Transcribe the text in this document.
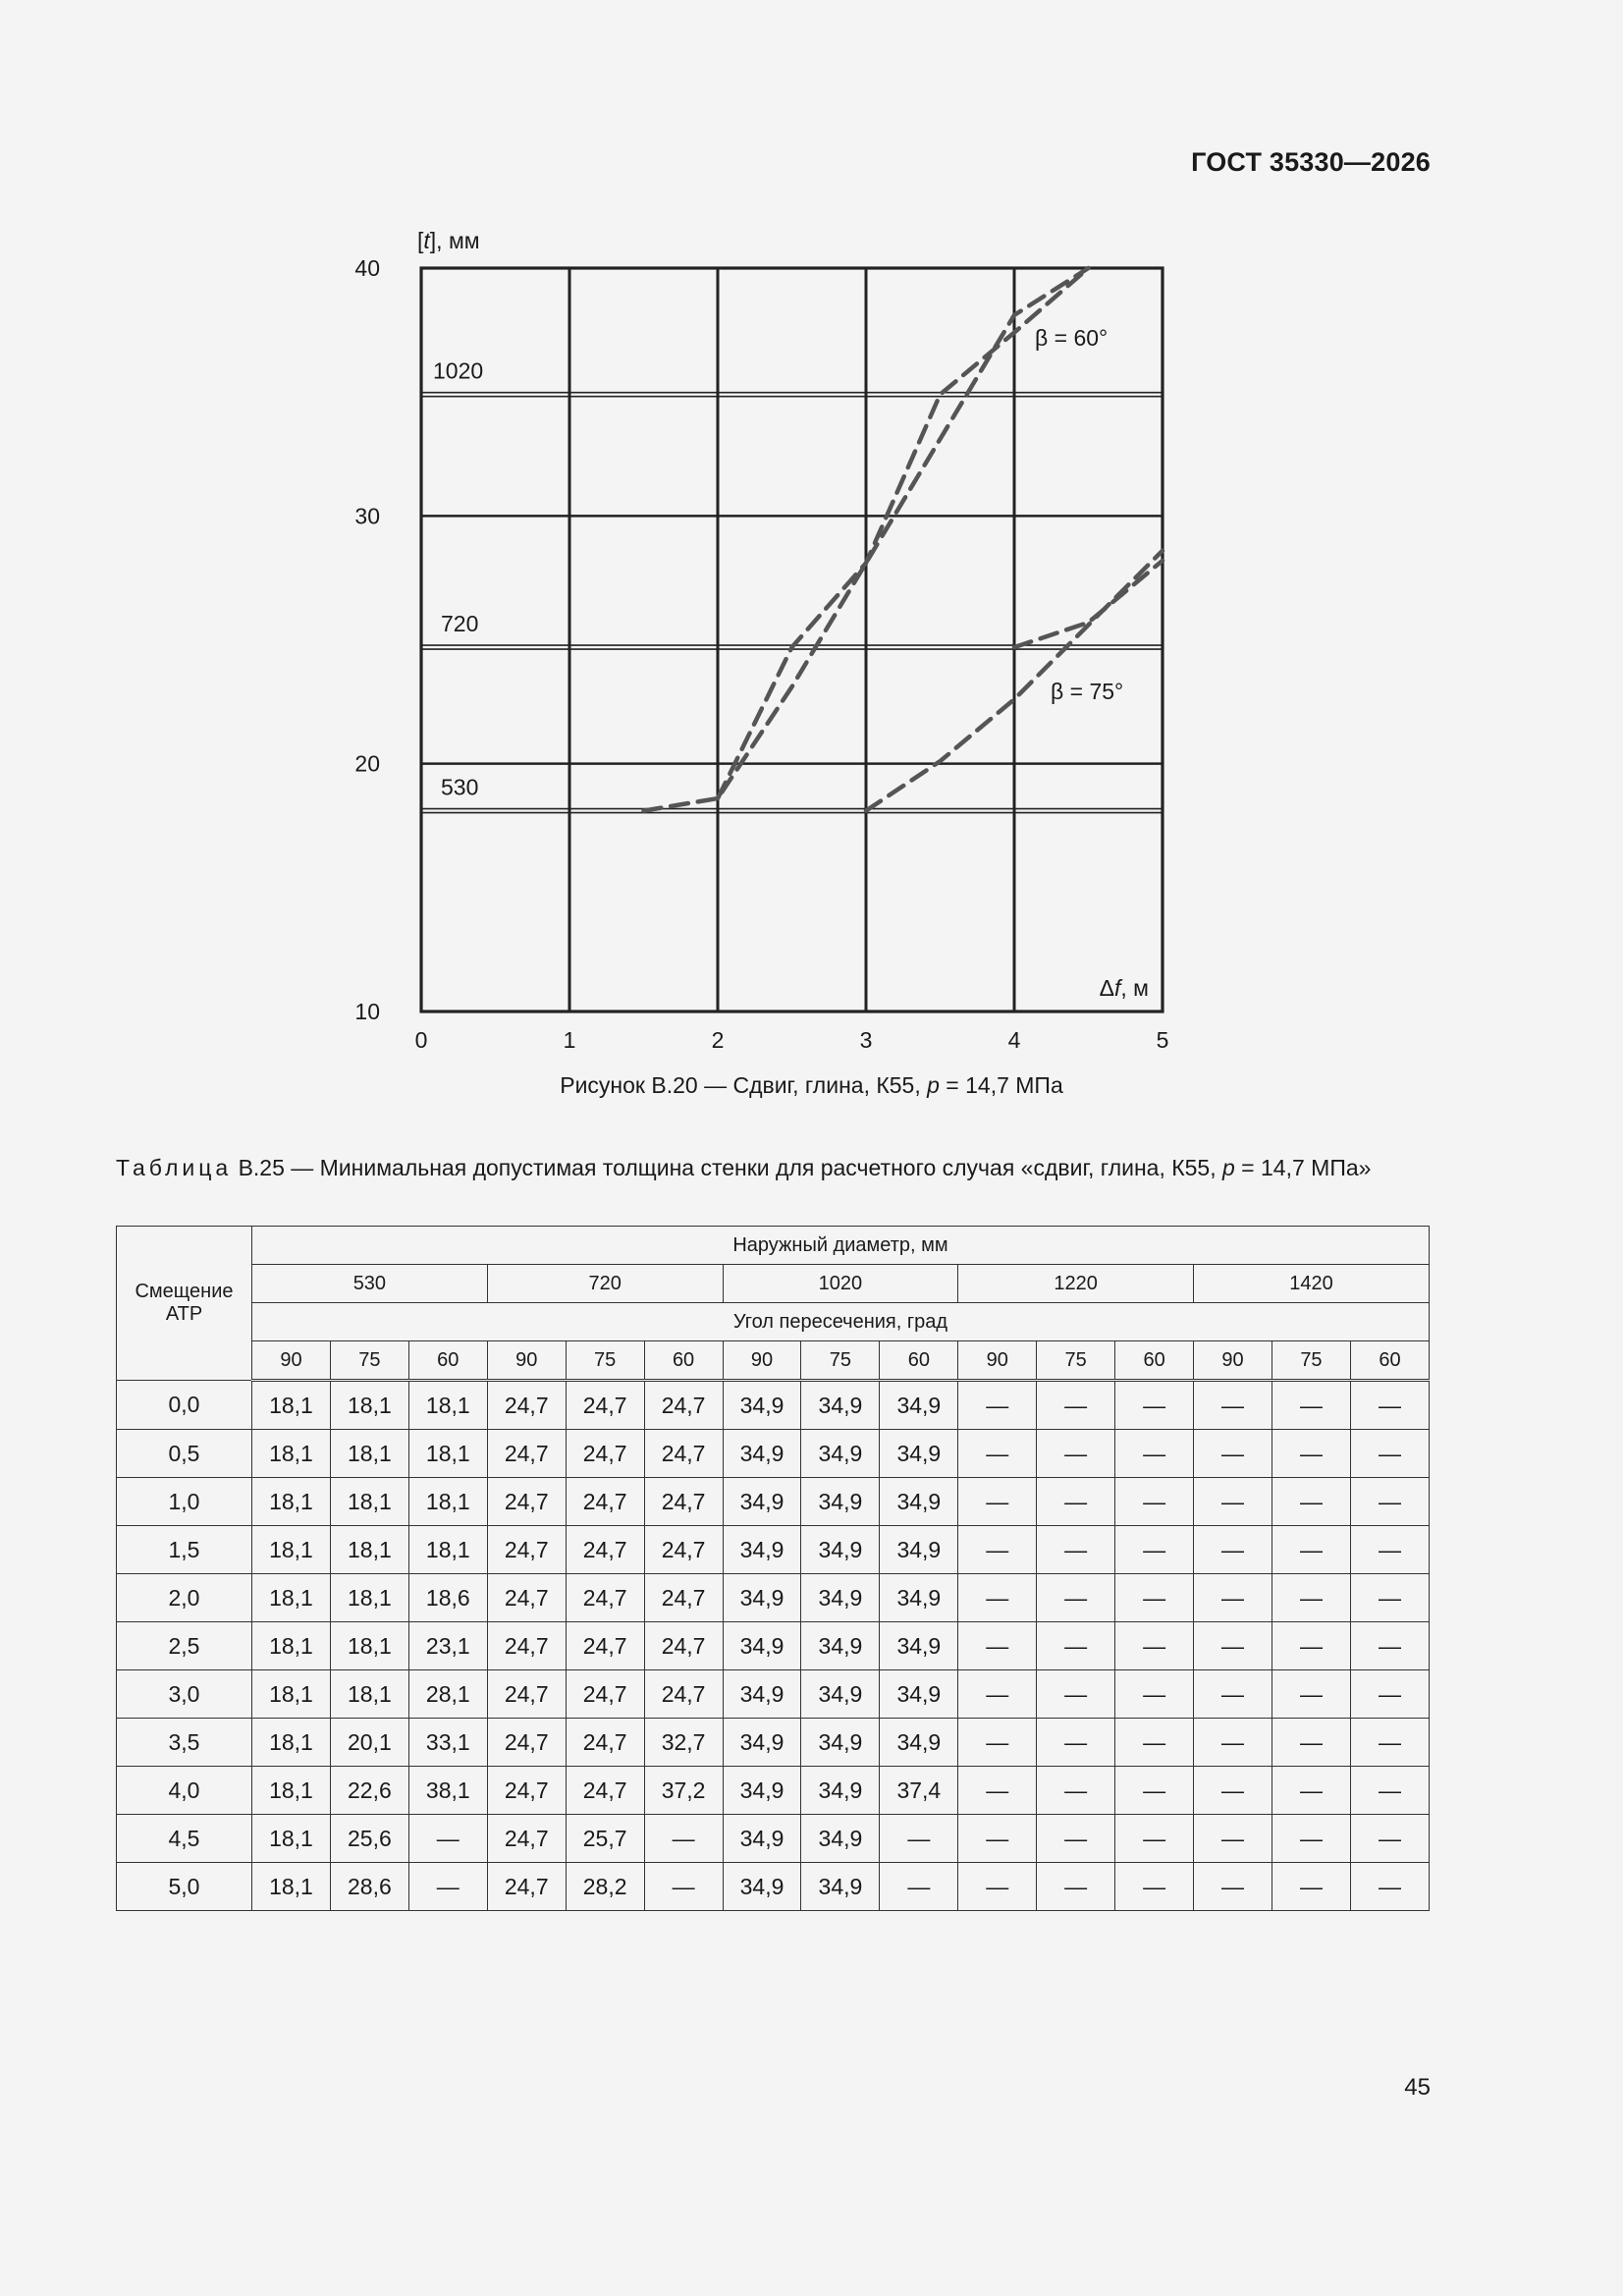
ГОСТ 35330—2026
530
720
1020
0	1	2	3	4	5
10
20
30
40
[t], мм
Δf, м
β = 60°
β = 75°
Рисунок В.20 — Сдвиг, глина, К55, p = 14,7 МПа
Таблица В.25 — Минимальная допустимая толщина стенки для расчетного случая «сдвиг, глина, К55, p = 14,7 МПа»
Смещение АТР	Наружный диаметр, мм														
	530			720			1020			1220			1420		
	Угол пересечения, град														
	90	75	60	90	75	60	90	75	60	90	75	60	90	75	60
0,0	18,1	18,1	18,1	24,7	24,7	24,7	34,9	34,9	34,9	—	—	—	—	—	—
0,5	18,1	18,1	18,1	24,7	24,7	24,7	34,9	34,9	34,9	—	—	—	—	—	—
1,0	18,1	18,1	18,1	24,7	24,7	24,7	34,9	34,9	34,9	—	—	—	—	—	—
1,5	18,1	18,1	18,1	24,7	24,7	24,7	34,9	34,9	34,9	—	—	—	—	—	—
2,0	18,1	18,1	18,6	24,7	24,7	24,7	34,9	34,9	34,9	—	—	—	—	—	—
2,5	18,1	18,1	23,1	24,7	24,7	24,7	34,9	34,9	34,9	—	—	—	—	—	—
3,0	18,1	18,1	28,1	24,7	24,7	24,7	34,9	34,9	34,9	—	—	—	—	—	—
3,5	18,1	20,1	33,1	24,7	24,7	32,7	34,9	34,9	34,9	—	—	—	—	—	—
4,0	18,1	22,6	38,1	24,7	24,7	37,2	34,9	34,9	37,4	—	—	—	—	—	—
4,5	18,1	25,6	—	24,7	25,7	—	34,9	34,9	—	—	—	—	—	—	—
5,0	18,1	28,6	—	24,7	28,2	—	34,9	34,9	—	—	—	—	—	—	—
45
